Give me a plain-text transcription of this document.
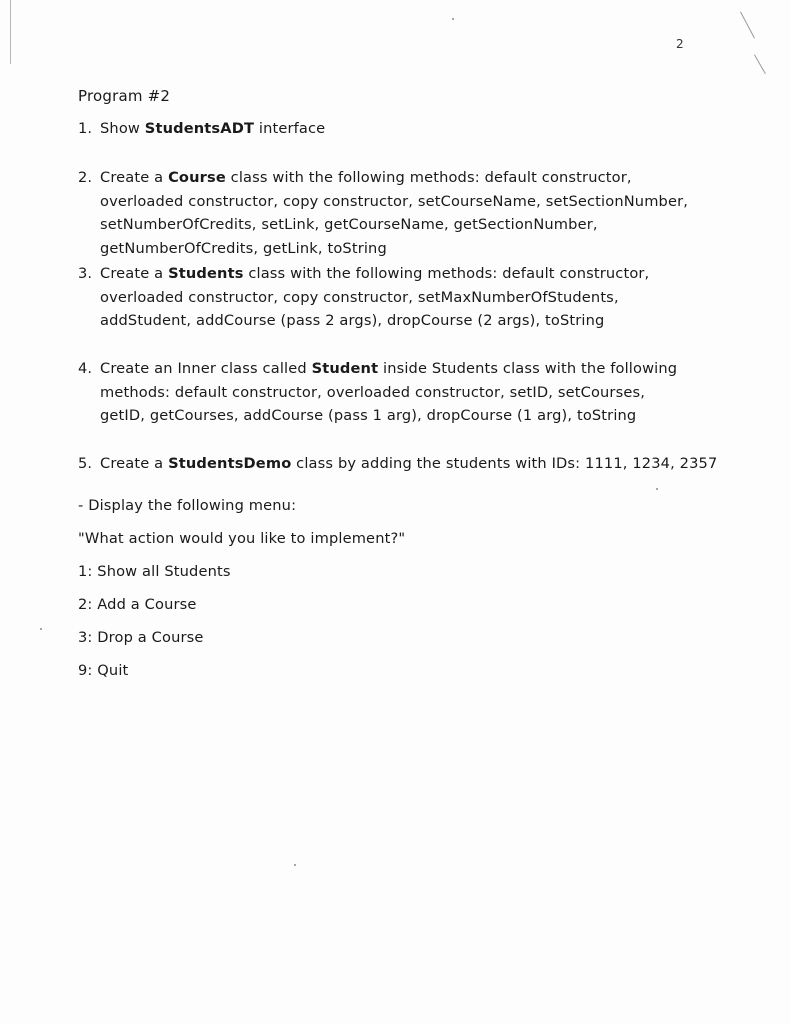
2
Program #2
1. Show StudentsADT interface
2. Create a Course class with the following methods: default constructor,
overloaded constructor, copy constructor, setCourseName, setSectionNumber,
setNumberOfCredits, setLink, getCourseName, getSectionNumber,
getNumberOfCredits, getLink, toString
3. Create a Students class with the following methods: default constructor,
overloaded constructor, copy constructor, setMaxNumberOfStudents,
addStudent, addCourse (pass 2 args), dropCourse (2 args), toString
4. Create an Inner class called Student inside Students class with the following
methods: default constructor, overloaded constructor, setID, setCourses,
getID, getCourses, addCourse (pass 1 arg), dropCourse (1 arg), toString
5. Create a StudentsDemo class by adding the students with IDs: 1111, 1234, 2357
- Display the following menu:
"What action would you like to implement?"
1: Show all Students
2: Add a Course
3: Drop a Course
9: Quit
